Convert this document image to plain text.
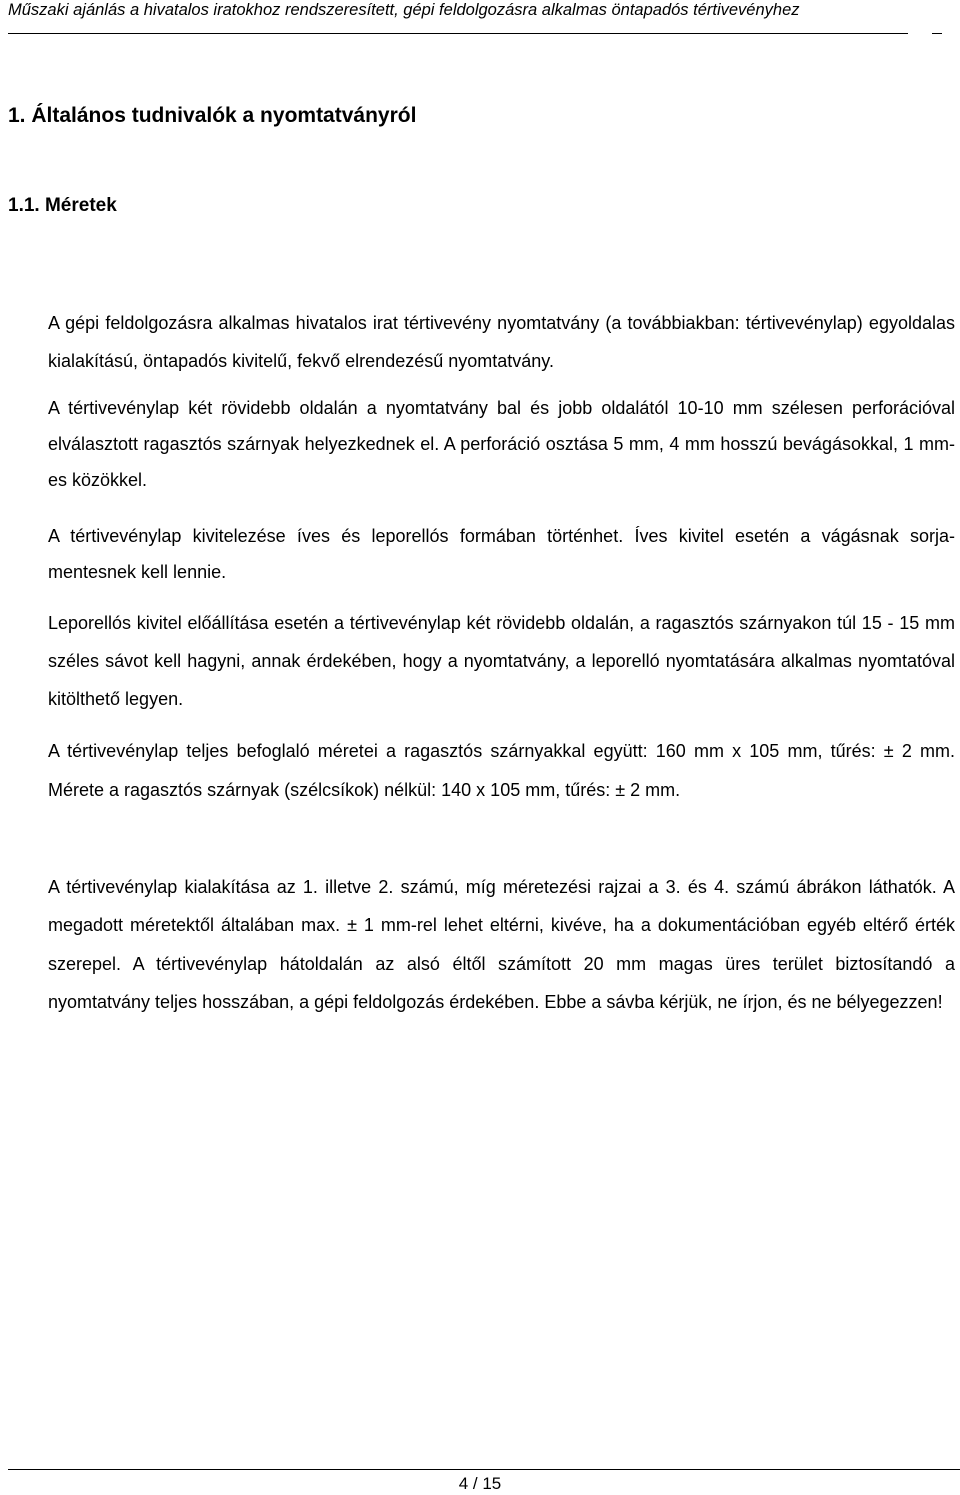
Műszaki ajánlás a hivatalos iratokhoz rendszeresített, gépi feldolgozásra alkalmas öntapadós tértivevényhez
1. Általános tudnivalók a nyomtatványról
1.1. Méretek
A gépi feldolgozásra alkalmas hivatalos irat tértivevény nyomtatvány (a továbbiakban: tértivevénylap) egyoldalas kialakítású, öntapadós kivitelű, fekvő elrendezésű nyomtatvány.
A tértivevénylap két rövidebb oldalán a nyomtatvány bal és jobb oldalától 10-10 mm szélesen perforációval elválasztott ragasztós szárnyak helyezkednek el. A perforáció osztása 5 mm, 4 mm hosszú bevágásokkal, 1 mm-es közökkel.
A tértivevénylap kivitelezése íves és leporellós formában történhet. Íves kivitel esetén a vágásnak sorja-mentesnek kell lennie.
Leporellós kivitel előállítása esetén a tértivevénylap két rövidebb oldalán, a ragasztós szárnyakon túl 15 - 15 mm széles sávot kell hagyni, annak érdekében, hogy a nyomtatvány, a leporelló nyomtatására alkalmas nyomtatóval kitölthető legyen.
A tértivevénylap teljes befoglaló méretei a ragasztós szárnyakkal együtt: 160 mm x 105 mm, tűrés: ± 2 mm. Mérete a ragasztós szárnyak (szélcsíkok) nélkül: 140 x 105 mm, tűrés: ± 2 mm.
A tértivevénylap kialakítása az 1. illetve 2. számú, míg méretezési rajzai a 3. és 4. számú ábrákon láthatók. A megadott méretektől általában max. ± 1 mm-rel lehet eltérni, kivéve, ha a dokumentációban egyéb eltérő érték szerepel. A tértivevénylap hátoldalán az alsó éltől számított 20 mm magas üres terület biztosítandó a nyomtatvány teljes hosszában, a gépi feldolgozás érdekében. Ebbe a sávba kérjük, ne írjon, és ne bélyegezzen!
4 / 15
